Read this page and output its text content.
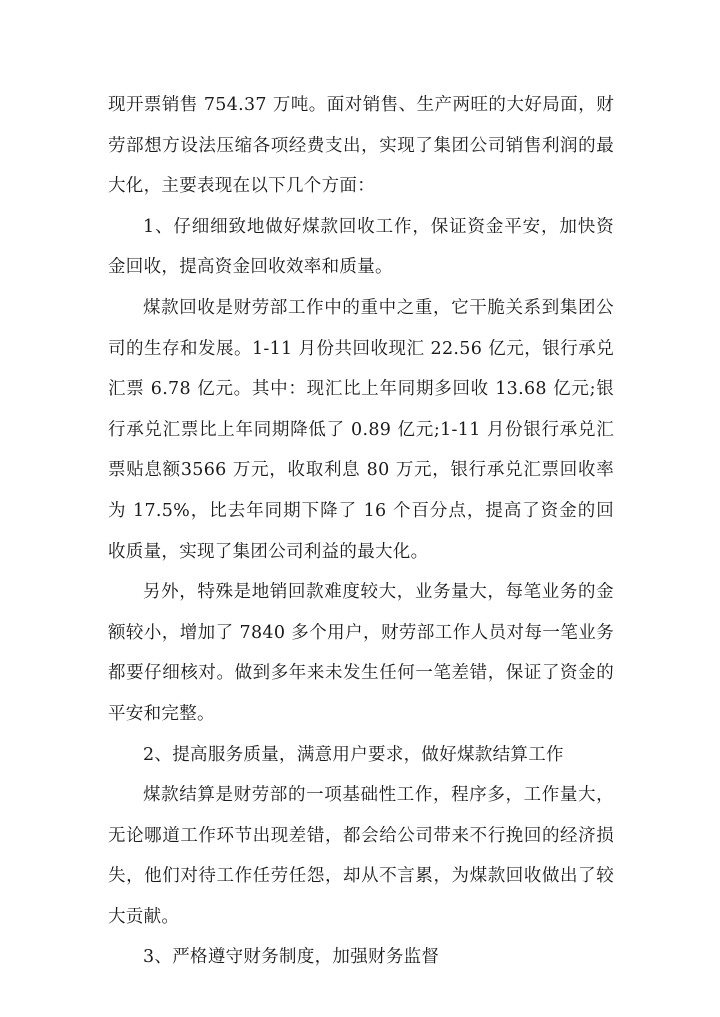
现开票销售 754.37 万吨。面对销售、生产两旺的大好局面，财劳部想方设法压缩各项经费支出，实现了集团公司销售利润的最大化，主要表现在以下几个方面：

1、仔细细致地做好煤款回收工作，保证资金平安，加快资金回收，提高资金回收效率和质量。

煤款回收是财劳部工作中的重中之重，它干脆关系到集团公司的生存和发展。1-11 月份共回收现汇 22.56 亿元，银行承兑汇票 6.78 亿元。其中：现汇比上年同期多回收 13.68 亿元;银行承兑汇票比上年同期降低了 0.89 亿元;1-11 月份银行承兑汇票贴息额3566 万元，收取利息 80 万元，银行承兑汇票回收率为 17.5%，比去年同期下降了 16 个百分点，提高了资金的回收质量，实现了集团公司利益的最大化。

另外，特殊是地销回款难度较大，业务量大，每笔业务的金额较小，增加了 7840 多个用户，财劳部工作人员对每一笔业务都要仔细核对。做到多年来未发生任何一笔差错，保证了资金的平安和完整。

2、提高服务质量，满意用户要求，做好煤款结算工作

煤款结算是财劳部的一项基础性工作，程序多，工作量大，无论哪道工作环节出现差错，都会给公司带来不行挽回的经济损失，他们对待工作任劳任怨，却从不言累，为煤款回收做出了较大贡献。

3、严格遵守财务制度，加强财务监督
